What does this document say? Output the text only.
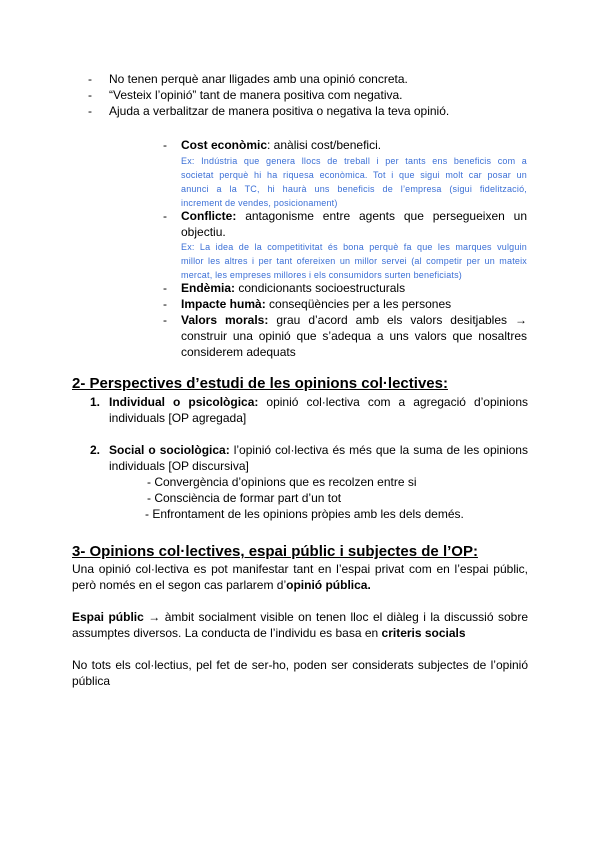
- No tenen perquè anar lligades amb una opinió concreta.
- “Vesteix l’opinió” tant de manera positiva com negativa.
- Ajuda a verbalitzar de manera positiva o negativa la teva opinió.
- Cost econòmic: anàlisi cost/benefici.
Ex: Indústria que genera llocs de treball i per tants ens beneficis com a
societat perquè hi ha riquesa econòmica. Tot i que sigui molt car posar un
anunci a la TC, hi haurà uns beneficis de l’empresa (sigui fidelització,
increment de vendes, posicionament)
- Conflicte: antagonisme entre agents que persegueixen un
objectiu.
Ex: La idea de la competitivitat és bona perquè fa que les marques vulguin
millor les altres i per tant ofereixen un millor servei (al competir per un mateix
mercat, les empreses millores i els consumidors surten beneficiats)
- Endèmia: condicionants socioestructurals
- Impacte humà: conseqüències per a les persones
- Valors morals: grau d’acord amb els valors desitjables →
construir una opinió que s’adequa a uns valors que nosaltres
considerem adequats
2- Perspectives d’estudi de les opinions col·lectives:
1. Individual o psicològica: opinió col·lectiva com a agregació d’opinions
individuals [OP agregada]
2. Social o sociològica: l’opinió col·lectiva és més que la suma de les opinions
individuals [OP discursiva]
- Convergència d’opinions que es recolzen entre si
- Consciència de formar part d’un tot
- Enfrontament de les opinions pròpies amb les dels demés.
3- Opinions col·lectives, espai públic i subjectes de l’OP:
Una opinió col·lectiva es pot manifestar tant en l’espai privat com en l’espai públic,
però només en el segon cas parlarem d’opinió pública.
Espai públic → àmbit socialment visible on tenen lloc el diàleg i la discussió sobre
assumptes diversos. La conducta de l’individu es basa en criteris socials
No tots els col·lectius, pel fet de ser-ho, poden ser considerats subjectes de l’opinió
pública
